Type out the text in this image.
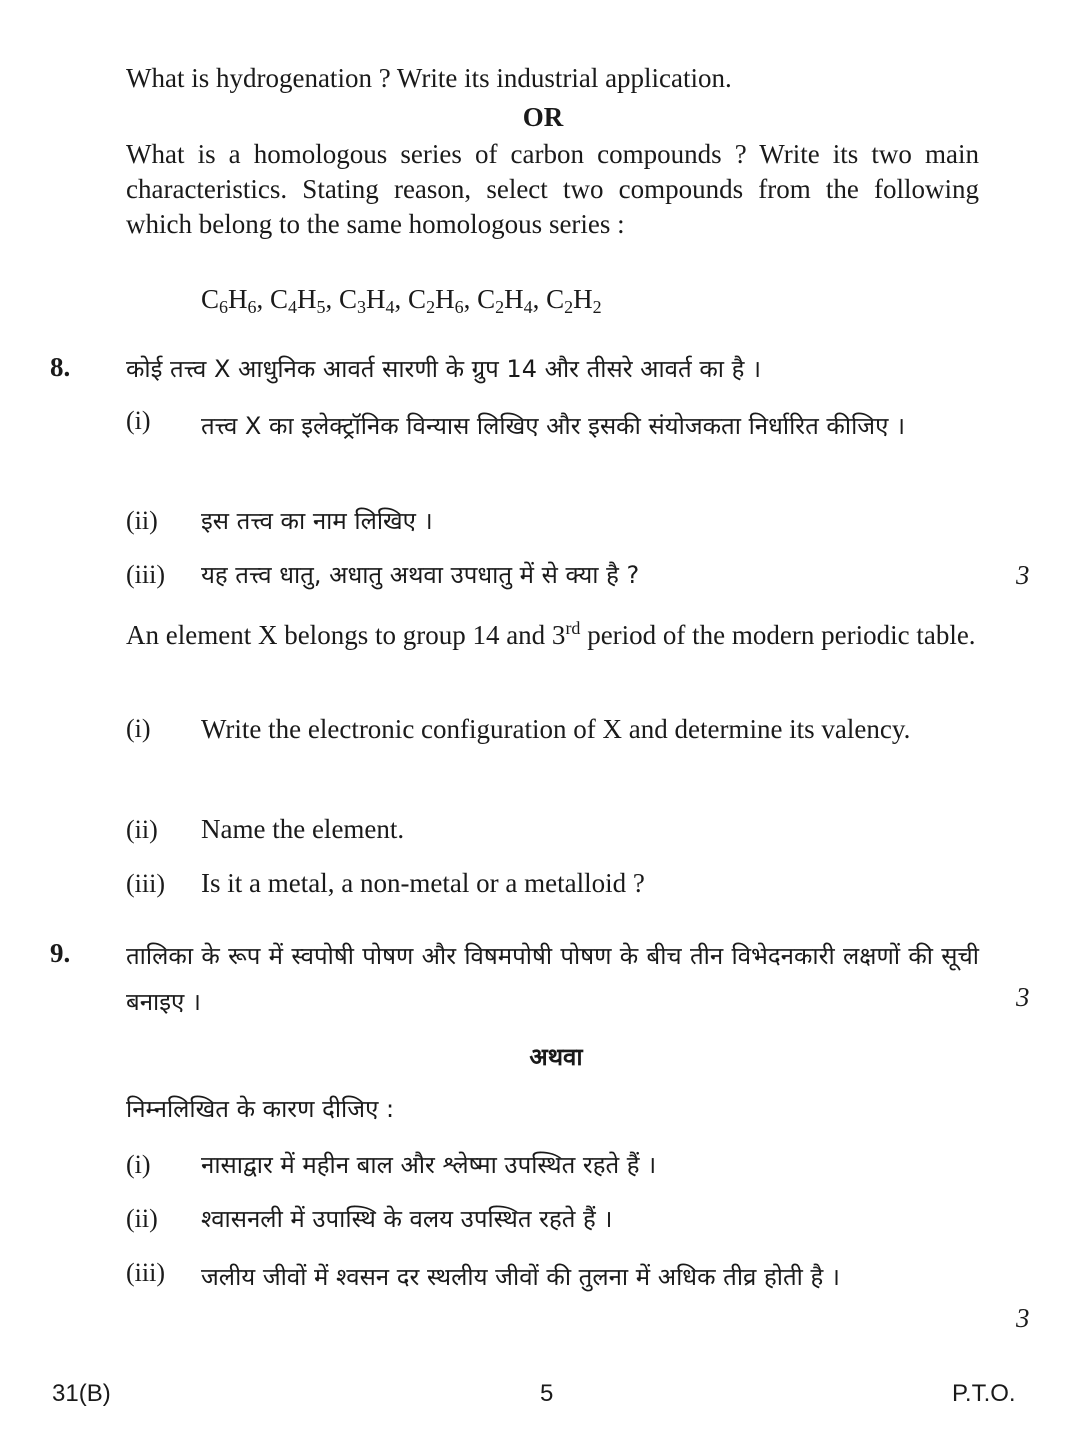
What is hydrogenation ? Write its industrial application.
OR
What is a homologous series of carbon compounds ? Write its two main characteristics. Stating reason, select two compounds from the following which belong to the same homologous series :
$C_6H_6$, $C_4H_5$, $C_3H_4$, $C_2H_6$, $C_2H_4$, $C_2H_2$
8. कोई तत्त्व X आधुनिक आवर्त सारणी के ग्रुप 14 और तीसरे आवर्त का है ।
(i) तत्त्व X का इलेक्ट्रॉनिक विन्यास लिखिए और इसकी संयोजकता निर्धारित कीजिए ।
(ii) इस तत्त्व का नाम लिखिए ।
(iii) यह तत्त्व धातु, अधातु अथवा उपधातु में से क्या है ?	3
An element X belongs to group 14 and 3rd period of the modern periodic table.
(i) Write the electronic configuration of X and determine its valency.
(ii) Name the element.
(iii) Is it a metal, a non-metal or a metalloid ?
9. तालिका के रूप में स्वपोषी पोषण और विषमपोषी पोषण के बीच तीन विभेदनकारी लक्षणों की सूची बनाइए ।	3
अथवा
निम्नलिखित के कारण दीजिए :
(i) नासाद्वार में महीन बाल और श्लेष्मा उपस्थित रहते हैं ।
(ii) श्वासनली में उपास्थि के वलय उपस्थित रहते हैं ।
(iii) जलीय जीवों में श्वसन दर स्थलीय जीवों की तुलना में अधिक तीव्र होती है ।
3
31(B)	5	P.T.O.
